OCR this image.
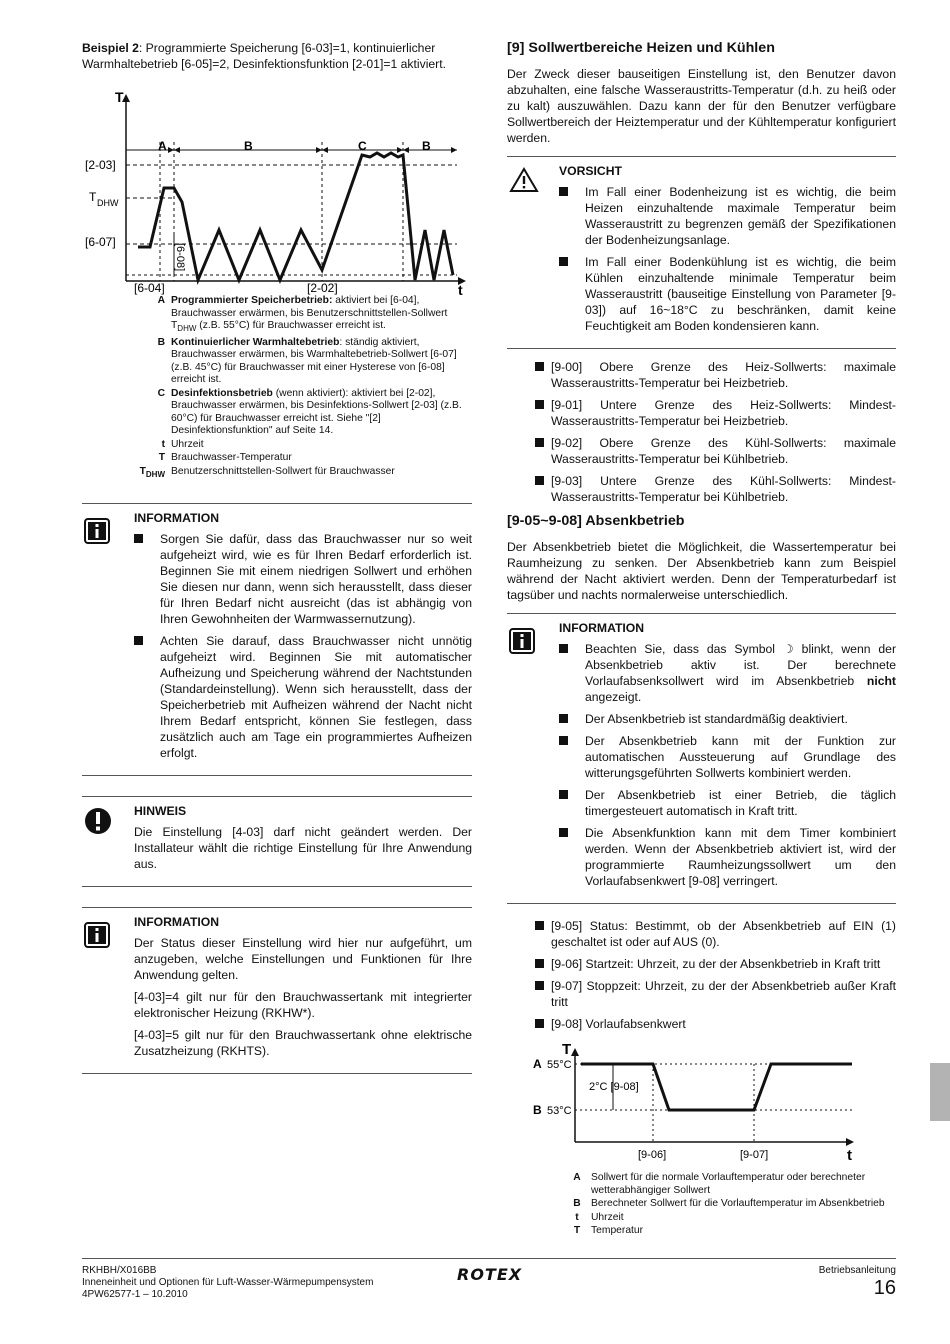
Beispiel 2: Programmierte Speicherung [6-03]=1, kontinuierlicher Warmhaltebetrieb [6-05]=2, Desinfektionsfunktion [2-01]=1 aktiviert.

T
t
[2-03]
T DHW
[6-07]
A	B	C	B
[6-08]
[6-04]	[2-02]
A Programmierter Speicherbetrieb: aktiviert bei [6-04], Brauchwasser erwärmen, bis Benutzerschnittstellen-Sollwert $T_{DHW}$ (z.B. 55°C) für Brauchwasser erreicht ist.
B Kontinuierlicher Warmhaltebetrieb: ständig aktiviert, Brauchwasser erwärmen, bis Warmhaltebetrieb-Sollwert [6-07] (z.B. 45°C) für Brauchwasser mit einer Hysterese von [6-08] erreicht ist.
C Desinfektionsbetrieb (wenn aktiviert): aktiviert bei [2-02], Brauchwasser erwärmen, bis Desinfektions-Sollwert [2-03] (z.B. 60°C) für Brauchwasser erreicht ist. Siehe "[2] Desinfektionsfunktion" auf Seite 14.
t Uhrzeit
T Brauchwasser-Temperatur
$T_{DHW}$ Benutzerschnittstellen-Sollwert für Brauchwasser
INFORMATION
Sorgen Sie dafür, dass das Brauchwasser nur so weit aufgeheizt wird, wie es für Ihren Bedarf erforderlich ist. Beginnen Sie mit einem niedrigen Sollwert und erhöhen Sie diesen nur dann, wenn sich herausstellt, dass dieser für Ihren Bedarf nicht ausreicht (das ist abhängig von Ihren Gewohnheiten der Warmwassernutzung).
Achten Sie darauf, dass Brauchwasser nicht unnötig aufgeheizt wird. Beginnen Sie mit automatischer Aufheizung und Speicherung während der Nachtstunden (Standardeinstellung). Wenn sich herausstellt, dass der Speicherbetrieb mit Aufheizen während der Nacht nicht Ihrem Bedarf entspricht, können Sie festlegen, dass zusätzlich auch am Tage ein programmiertes Aufheizen erfolgt.
HINWEIS

Die Einstellung [4-03] darf nicht geändert werden. Der Installateur wählt die richtige Einstellung für Ihre Anwendung aus.

INFORMATION

Der Status dieser Einstellung wird hier nur aufgeführt, um anzugeben, welche Einstellungen und Funktionen für Ihre Anwendung gelten.

[4-03]=4 gilt nur für den Brauchwassertank mit integrierter elektronischer Heizung (RKHW*).

[4-03]=5 gilt nur für den Brauchwassertank ohne elektrische Zusatzheizung (RKHTS).

[9] Sollwertbereiche Heizen und Kühlen

Der Zweck dieser bauseitigen Einstellung ist, den Benutzer davon abzuhalten, eine falsche Wasseraustritts-Temperatur (d.h. zu heiß oder zu kalt) auszuwählen. Dazu kann der für den Benutzer verfügbare Sollwertbereich der Heiztemperatur und der Kühltemperatur konfiguriert werden.

VORSICHT
Im Fall einer Bodenheizung ist es wichtig, die beim Heizen einzuhaltende maximale Temperatur beim Wasseraustritt zu begrenzen gemäß der Spezifikationen der Bodenheizungsanlage.
Im Fall einer Bodenkühlung ist es wichtig, die beim Kühlen einzuhaltende minimale Temperatur beim Wasseraustritt (bauseitige Einstellung von Parameter [9-03]) auf 16~18°C zu beschränken, damit keine Feuchtigkeit am Boden kondensieren kann.
[9-00] Obere Grenze des Heiz-Sollwerts: maximale Wasseraustritts-Temperatur bei Heizbetrieb.
[9-01] Untere Grenze des Heiz-Sollwerts: Mindest-Wasseraustritts-Temperatur bei Heizbetrieb.
[9-02] Obere Grenze des Kühl-Sollwerts: maximale Wasseraustritts-Temperatur bei Kühlbetrieb.
[9-03] Untere Grenze des Kühl-Sollwerts: Mindest-Wasseraustritts-Temperatur bei Kühlbetrieb.
[9-05~9-08] Absenkbetrieb

Der Absenkbetrieb bietet die Möglichkeit, die Wassertemperatur bei Raumheizung zu senken. Der Absenkbetrieb kann zum Beispiel während der Nacht aktiviert werden. Denn der Temperaturbedarf ist tagsüber und nachts normalerweise unterschiedlich.

INFORMATION
Beachten Sie, dass das Symbol ☽ blinkt, wenn der Absenkbetrieb aktiv ist. Der berechnete Vorlaufabsenksollwert wird im Absenkbetrieb nicht angezeigt.
Der Absenkbetrieb ist standardmäßig deaktiviert.
Der Absenkbetrieb kann mit der Funktion zur automatischen Aussteuerung auf Grundlage des witterungsgeführten Sollwerts kombiniert werden.
Der Absenkbetrieb ist einer Betrieb, die täglich timergesteuert automatisch in Kraft tritt.
Die Absenkfunktion kann mit dem Timer kombiniert werden. Wenn der Absenkbetrieb aktiviert ist, wird der programmierte Raumheizungssollwert um den Vorlaufabsenkwert [9-08] verringert.
[9-05] Status: Bestimmt, ob der Absenkbetrieb auf EIN (1) geschaltet ist oder auf AUS (0).
[9-06] Startzeit: Uhrzeit, zu der der Absenkbetrieb in Kraft tritt
[9-07] Stoppzeit: Uhrzeit, zu der der Absenkbetrieb außer Kraft tritt
[9-08] Vorlaufabsenkwert
T
t
A 55°C
B 53°C
2°C [9-08]
[9-06]	[9-07]
A Sollwert für die normale Vorlauftemperatur oder berechneter wetterabhängiger Sollwert
B Berechneter Sollwert für die Vorlauftemperatur im Absenkbetrieb
t	Uhrzeit
T	Temperatur
RKHBH/X016BB
Inneneinheit und Optionen für Luft-Wasser-Wärmepumpensystem
4PW62577-1 – 10.2010
ROTEX	Betriebsanleitung
16
